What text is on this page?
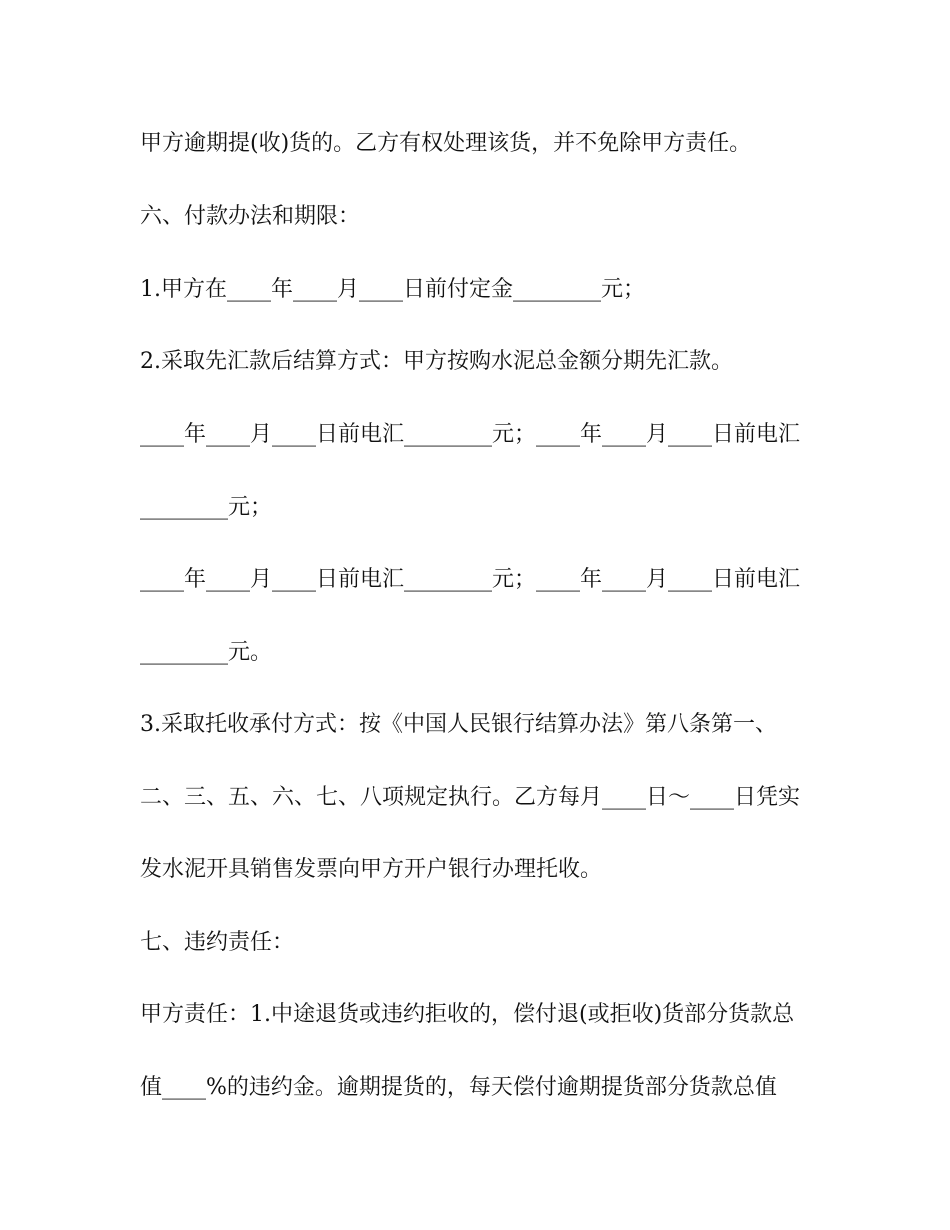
甲方逾期提(收)货的。乙方有权处理该货，并不免除甲方责任。
六、付款办法和期限：
1.甲方在____年____月____日前付定金________元；
2.采取先汇款后结算方式：甲方按购水泥总金额分期先汇款。
____年____月____日前电汇________元；____年____月____日前电汇
________元；
____年____月____日前电汇________元；____年____月____日前电汇
________元。
3.采取托收承付方式：按《中国人民银行结算办法》第八条第一、
二、三、五、六、七、八项规定执行。乙方每月____日～____日凭实
发水泥开具销售发票向甲方开户银行办理托收。
七、违约责任：
甲方责任：1.中途退货或违约拒收的，偿付退(或拒收)货部分货款总
值____%的违约金。逾期提货的，每天偿付逾期提货部分货款总值
